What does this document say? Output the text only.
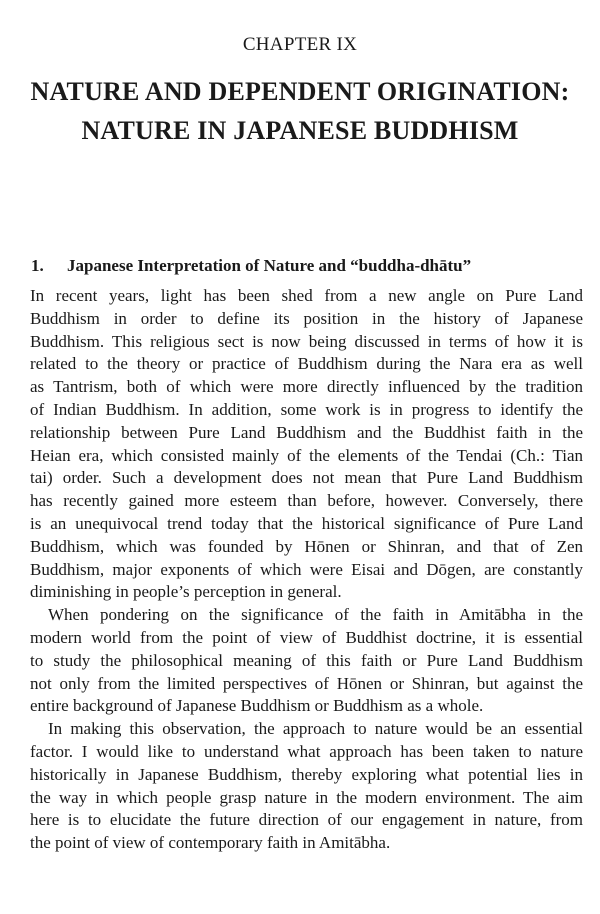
CHAPTER IX
NATURE AND DEPENDENT ORIGINATION:
NATURE IN JAPANESE BUDDHISM
1. Japanese Interpretation of Nature and “buddha-dhātu”

In recent years, light has been shed from a new angle on Pure Land
Buddhism in order to define its position in the history of Japanese
Buddhism. This religious sect is now being discussed in terms of how it is
related to the theory or practice of Buddhism during the Nara era as well
as Tantrism, both of which were more directly influenced by the tradition
of Indian Buddhism. In addition, some work is in progress to identify the
relationship between Pure Land Buddhism and the Buddhist faith in the
Heian era, which consisted mainly of the elements of the Tendai (Ch.: Tian
tai) order. Such a development does not mean that Pure Land Buddhism
has recently gained more esteem than before, however. Conversely, there
is an unequivocal trend today that the historical significance of Pure Land
Buddhism, which was founded by Hōnen or Shinran, and that of Zen
Buddhism, major exponents of which were Eisai and Dōgen, are constantly
diminishing in people’s perception in general.

When pondering on the significance of the faith in Amitābha in the
modern world from the point of view of Buddhist doctrine, it is essential
to study the philosophical meaning of this faith or Pure Land Buddhism
not only from the limited perspectives of Hōnen or Shinran, but against the
entire background of Japanese Buddhism or Buddhism as a whole.

In making this observation, the approach to nature would be an essential
factor. I would like to understand what approach has been taken to nature
historically in Japanese Buddhism, thereby exploring what potential lies in
the way in which people grasp nature in the modern environment. The aim
here is to elucidate the future direction of our engagement in nature, from
the point of view of contemporary faith in Amitābha.
